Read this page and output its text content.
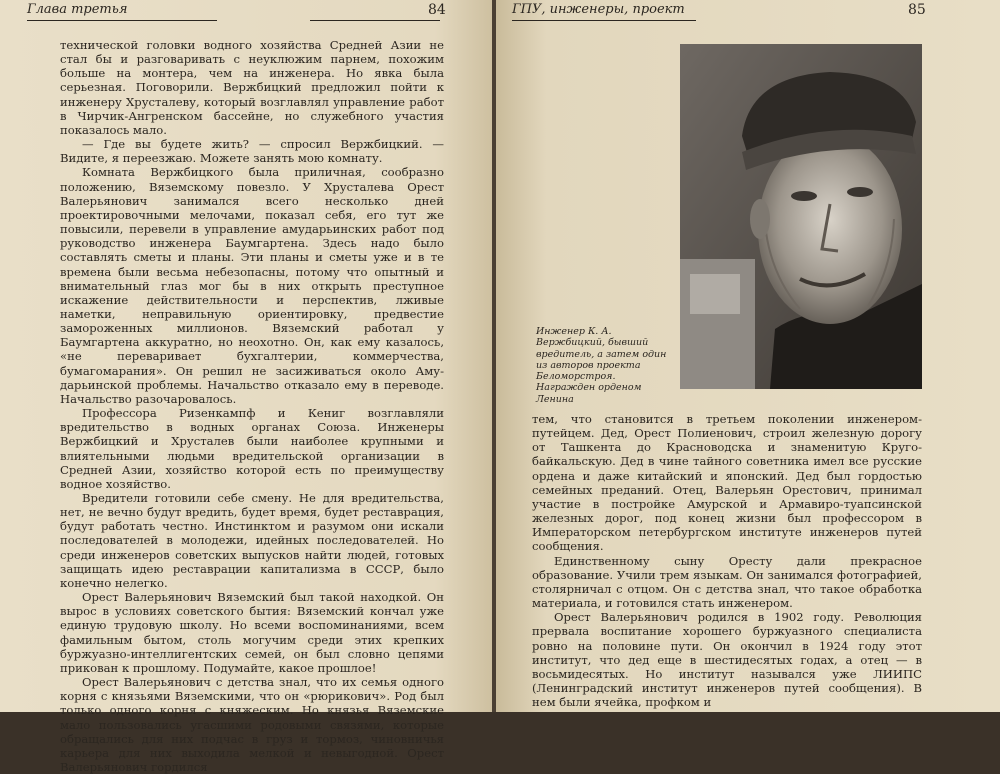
Глава третья	84

технической головки водного хозяйства Средней Азии не стал бы и разговаривать с неуклюжим парнем, похожим больше на монтера, чем на инженера. Но явка была серьезная. Поговорили. Вержбицкий предложил пойти к инженеру Хрусталеву, который возглавлял управление работ в Чирчик-Ангренском бассейне, но служебного участия показалось мало.

— Где вы будете жить? — спросил Вержбицкий. — Видите, я переезжаю. Можете занять мою комнату.

Комната Вержбицкого была приличная, сообразно положению, Вяземскому повезло. У Хрусталева Орест Валерьянович занимался всего несколько дней проектировочными мелочами, показал себя, его тут же повысили, перевели в управление амударьинских работ под руководство инженера Баумгартена. Здесь надо было составлять сметы и планы. Эти планы и сметы уже и в те времена были весьма небезопасны, потому что опытный и внимательный глаз мог бы в них открыть преступное искажение действительности и перспектив, лживые наметки, неправильную ориентировку, предвестие замороженных миллионов. Вяземский работал у Баумгартена аккуратно, но неохотно. Он, как ему казалось, «не переваривает бухгалтерии, коммерчества, бумагомарания». Он решил не засиживаться около Аму-дарьинской проблемы. Начальство отказало ему в переводе. Начальство разочаровалось.

Профессора Ризенкампф и Кениг возглавляли вредительство в водных органах Союза. Инженеры Вержбицкий и Хрусталев были наиболее крупными и влиятельными людьми вредительской организации в Средней Азии, хозяйство которой есть по преимуществу водное хозяйство.

Вредители готовили себе смену. Не для вредительства, нет, не вечно будут вредить, будет время, будет реставрация, будут работать честно. Инстинктом и разумом они искали последователей в молодежи, идейных последователей. Но среди инженеров советских выпусков найти людей, готовых защищать идею реставрации капитализма в СССР, было конечно нелегко.

Орест Валерьянович Вяземский был такой находкой. Он вырос в условиях советского бытия: Вяземский кончал уже единую трудовую школу. Но всеми воспоминаниями, всем фамильным бытом, столь могучим среди этих крепких буржуазно-интеллигентских семей, он был словно цепями прикован к прошлому. Подумайте, какое прошлое!

Орест Валерьянович с детства знал, что их семья одного корня с князьями Вяземскими, что он «рюрикович». Род был только одного корня с княжеским. Но князья Вяземские мало пользовались угасшими родовыми связями, которые обращались для них подчас в груз и тормоз, чиновничья карьера для них выходила мелкой и невыгодной. Орест Валерьянович гордился

ГПУ, инженеры, проект	85
Инженер К. А. Вержбицкий, бывший вредитель, а затем один из авторов проекта Беломорстроя. Награжден орденом Ленина

тем, что становится в третьем поколении инженером-путейцем. Дед, Орест Полиенович, строил железную дорогу от Ташкента до Красноводска и знаменитую Круго-байкальскую. Дед в чине тайного советника имел все русские ордена и даже китайский и японский. Дед был гордостью семейных преданий. Отец, Валерьян Орестович, принимал участие в постройке Амурской и Армавиро-туапсинской железных дорог, под конец жизни был профессором в Императорском петербургском институте инженеров путей сообщения.

Единственному сыну Оресту дали прекрасное образование. Учили трем языкам. Он занимался фотографией, столярничал с отцом. Он с детства знал, что такое обработка материала, и готовился стать инженером.

Орест Валерьянович родился в 1902 году. Революция прервала воспитание хорошего буржуазного специалиста ровно на половине пути. Он окончил в 1924 году этот институт, что дед еще в шестидесятых годах, а отец — в восьмидесятых. Но институт назывался уже ЛИИПС (Ленинградский институт инженеров путей сообщения). В нем были ячейка, профком и
